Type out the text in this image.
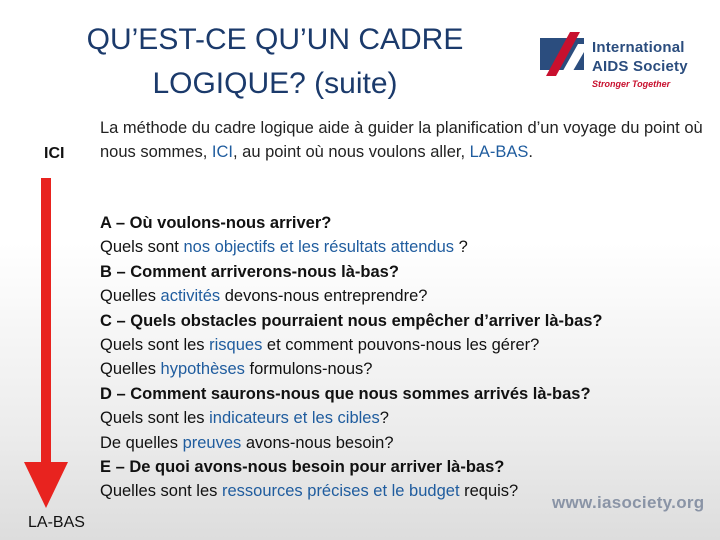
QU’EST-CE QU’UN CADRE
LOGIQUE? (suite)
International
AIDS Society
Stronger Together
ICI
LA-BAS

La méthode du cadre logique aide à guider la planification d’un voyage du point où nous sommes, ICI, au point où nous voulons aller, LA-BAS.

A – Où voulons-nous arriver?
Quels sont nos objectifs et les résultats attendus ?
B – Comment arriverons-nous là-bas?
Quelles activités devons-nous entreprendre?
C – Quels obstacles pourraient nous empêcher d’arriver là-bas?
Quels sont les risques et comment pouvons-nous les gérer?
Quelles hypothèses formulons-nous?
D – Comment saurons-nous que nous sommes arrivés là-bas?
Quels sont les indicateurs et les cibles?
De quelles preuves avons-nous besoin?
E – De quoi avons-nous besoin pour arriver là-bas?
Quelles sont les ressources précises et le budget requis?
www.iasociety.org
